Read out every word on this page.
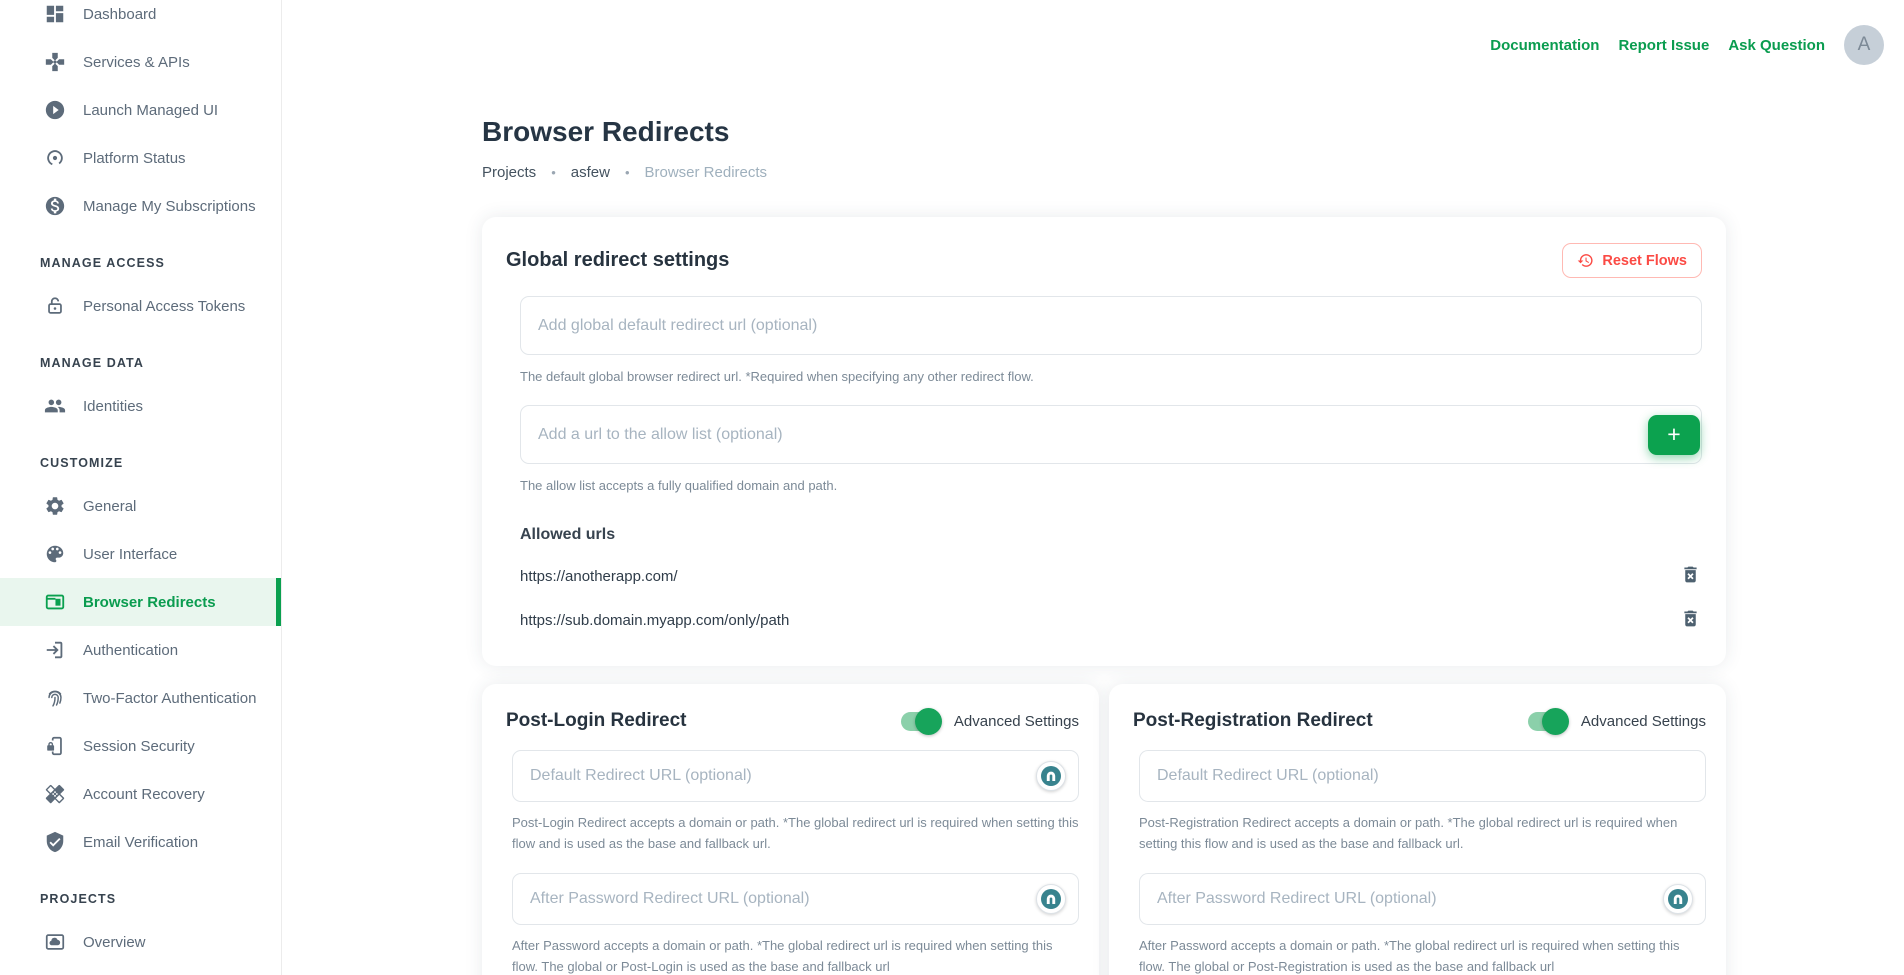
Dashboard
Services & APIs
Launch Managed UI
Platform Status
Manage My Subscriptions
MANAGE ACCESS
Personal Access Tokens
MANAGE DATA
Identities
CUSTOMIZE
General
User Interface
Browser Redirects
Authentication
Two-Factor Authentication
Session Security
Account Recovery
Email Verification
PROJECTS
Overview
Documentation Report Issue Ask Question	A
Browser Redirects
Projects • asfew • Browser Redirects
Global redirect settings	Reset Flows
Add global default redirect url (optional)
The default global browser redirect url. *Required when specifying any other redirect flow.
Add a url to the allow list (optional)
+
The allow list accepts a fully qualified domain and path.
Allowed urls
https://anotherapp.com/
https://sub.domain.myapp.com/only/path
Post-Login Redirect	Advanced Settings
Default Redirect URL (optional)
Post-Login Redirect accepts a domain or path. *The global redirect url is required when setting this flow and is used as the base and fallback url.
After Password Redirect URL (optional)
After Password accepts a domain or path. *The global redirect url is required when setting this flow. The global or Post-Login is used as the base and fallback url
Post-Registration Redirect	Advanced Settings
Default Redirect URL (optional)
Post-Registration Redirect accepts a domain or path. *The global redirect url is required when setting this flow and is used as the base and fallback url.
After Password Redirect URL (optional)
After Password accepts a domain or path. *The global redirect url is required when setting this flow. The global or Post-Registration is used as the base and fallback url
